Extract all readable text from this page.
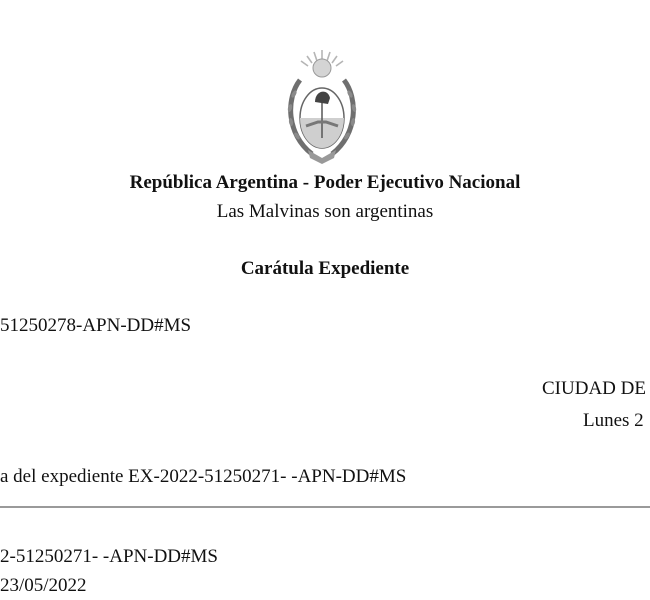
República Argentina - Poder Ejecutivo Nacional
Las Malvinas son argentinas
Carátula Expediente
51250278-APN-DD#MS
CIUDAD DE
Lunes 2
a del expediente EX-2022-51250271- -APN-DD#MS
2-51250271- -APN-DD#MS
23/05/2022
